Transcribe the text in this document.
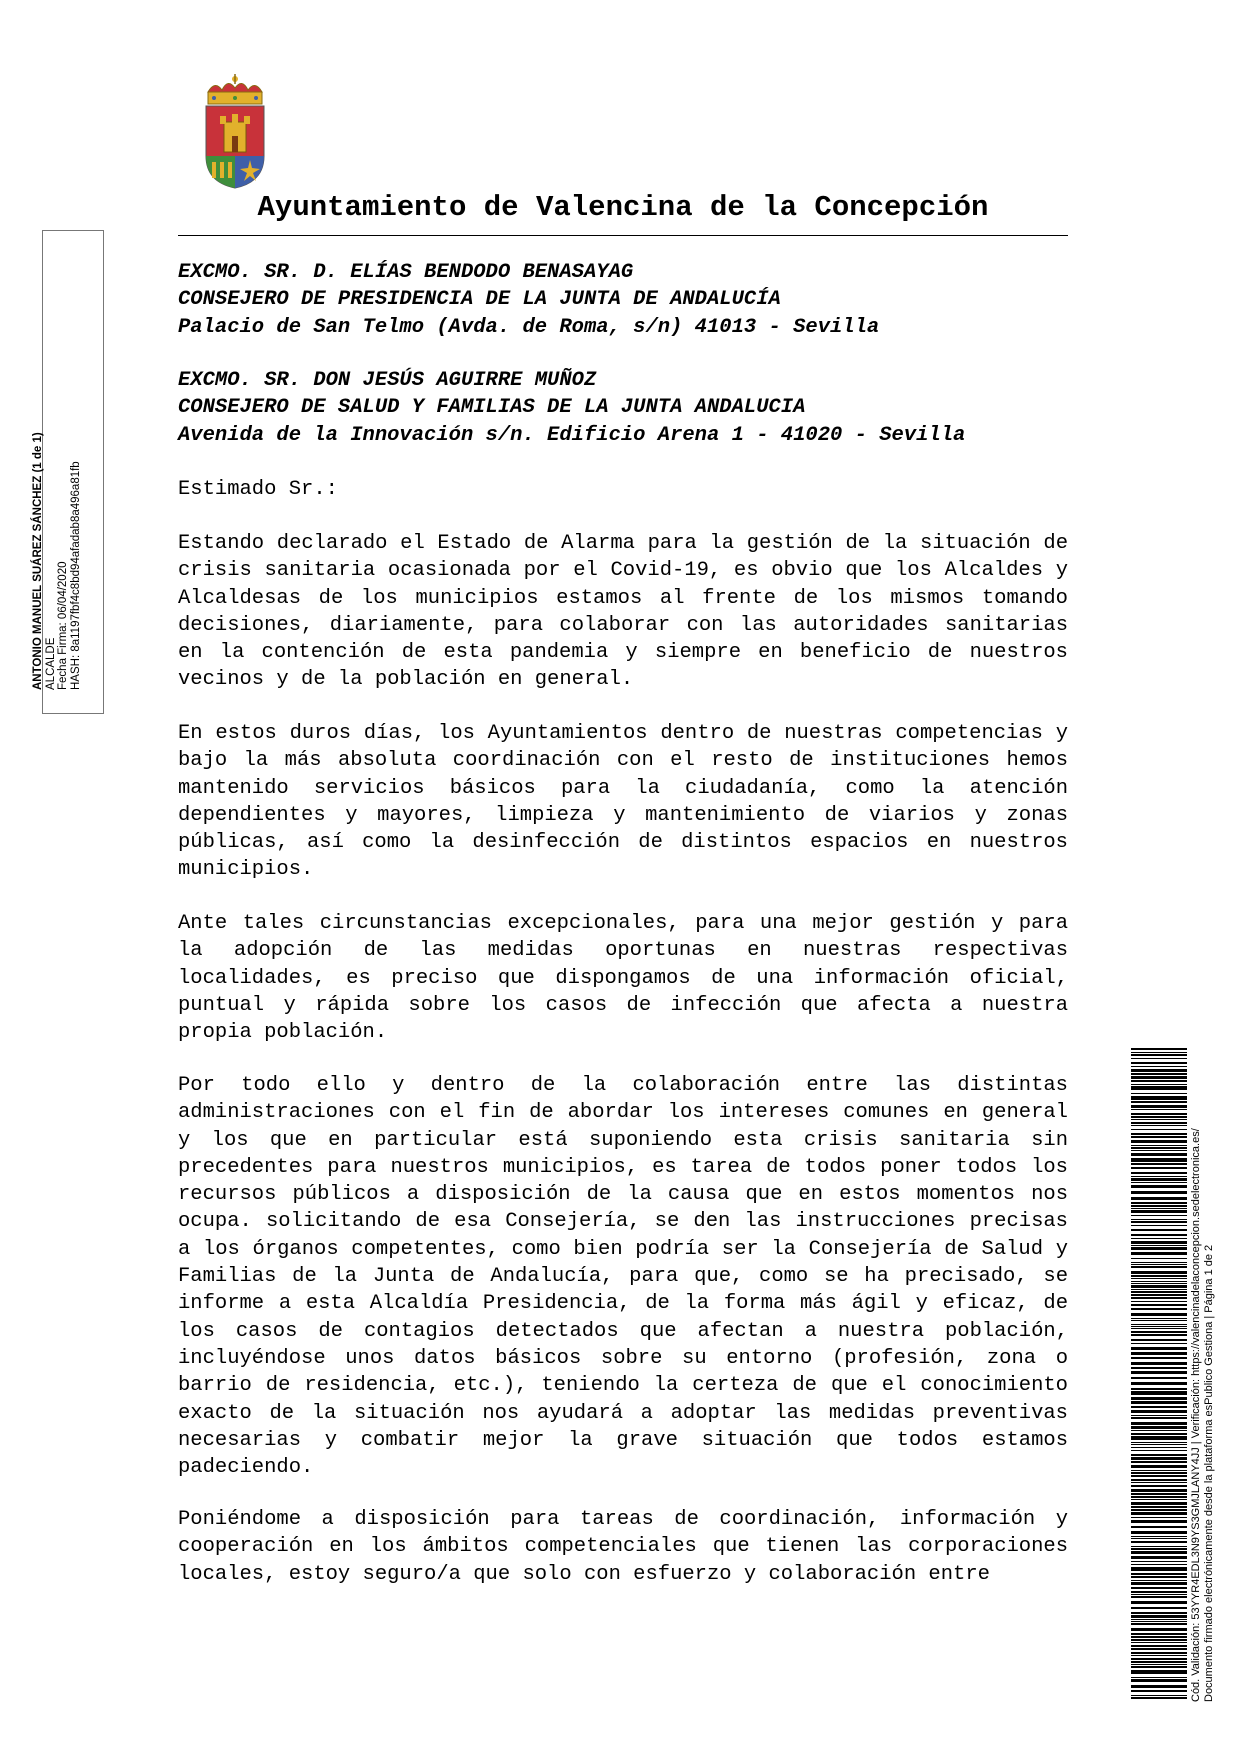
Ayuntamiento de Valencina de la Concepción
EXCMO. SR. D. ELÍAS BENDODO BENASAYAG
CONSEJERO DE PRESIDENCIA DE LA JUNTA DE ANDALUCÍA
Palacio de San Telmo (Avda. de Roma, s/n) 41013 - Sevilla
EXCMO. SR. DON JESÚS AGUIRRE MUÑOZ
CONSEJERO DE SALUD Y FAMILIAS DE LA JUNTA ANDALUCIA
Avenida de la Innovación s/n. Edificio Arena 1 - 41020 - Sevilla
Estimado Sr.:

Estando declarado el Estado de Alarma para la gestión de la situación de crisis sanitaria ocasionada por el Covid-19, es obvio que los Alcaldes y Alcaldesas de los municipios estamos al frente de los mismos tomando decisiones, diariamente, para colaborar con las autoridades sanitarias en la contención de esta pandemia y siempre en beneficio de nuestros vecinos y de la población en general.

En estos duros días, los Ayuntamientos dentro de nuestras competencias y bajo la más absoluta coordinación con el resto de instituciones hemos mantenido servicios básicos para la ciudadanía, como la atención dependientes y mayores, limpieza y mantenimiento de viarios y zonas públicas, así como la desinfección de distintos espacios en nuestros municipios.

Ante tales circunstancias excepcionales, para una mejor gestión y para la adopción de las medidas oportunas en nuestras respectivas localidades, es preciso que dispongamos de una información oficial, puntual y rápida sobre los casos de infección que afecta a nuestra propia población.

Por todo ello y dentro de la colaboración entre las distintas administraciones con el fin de abordar los intereses comunes en general y los que en particular está suponiendo esta crisis sanitaria sin precedentes para nuestros municipios, es tarea de todos poner todos los recursos públicos a disposición de la causa que en estos momentos nos ocupa. solicitando de esa Consejería, se den las instrucciones precisas a los órganos competentes, como bien podría ser la Consejería de Salud y Familias de la Junta de Andalucía, para que, como se ha precisado, se informe a esta Alcaldía Presidencia, de la forma más ágil y eficaz, de los casos de contagios detectados que afectan a nuestra población, incluyéndose unos datos básicos sobre su entorno (profesión, zona o barrio de residencia, etc.), teniendo la certeza de que el conocimiento exacto de la situación nos ayudará a adoptar las medidas preventivas necesarias y combatir mejor la grave situación que todos estamos padeciendo.

Poniéndome a disposición para tareas de coordinación, información y cooperación en los ámbitos competenciales que tienen las corporaciones locales, estoy seguro/a que solo con esfuerzo y colaboración entre

ANTONIO MANUEL SUÁREZ SÁNCHEZ (1 de 1) ALCALDE Fecha Firma: 06/04/2020 HASH: 8a1197fbf4c8bd94afadab8a496a81fb
Cód. Validación: 53YYR4EDL3N9YS3GMJLANY4JJ | Verificación: https://valencinadelaconcepcion.sedelectronica.es/ Documento firmado electrónicamente desde la plataforma esPublico Gestiona | Página 1 de 2
